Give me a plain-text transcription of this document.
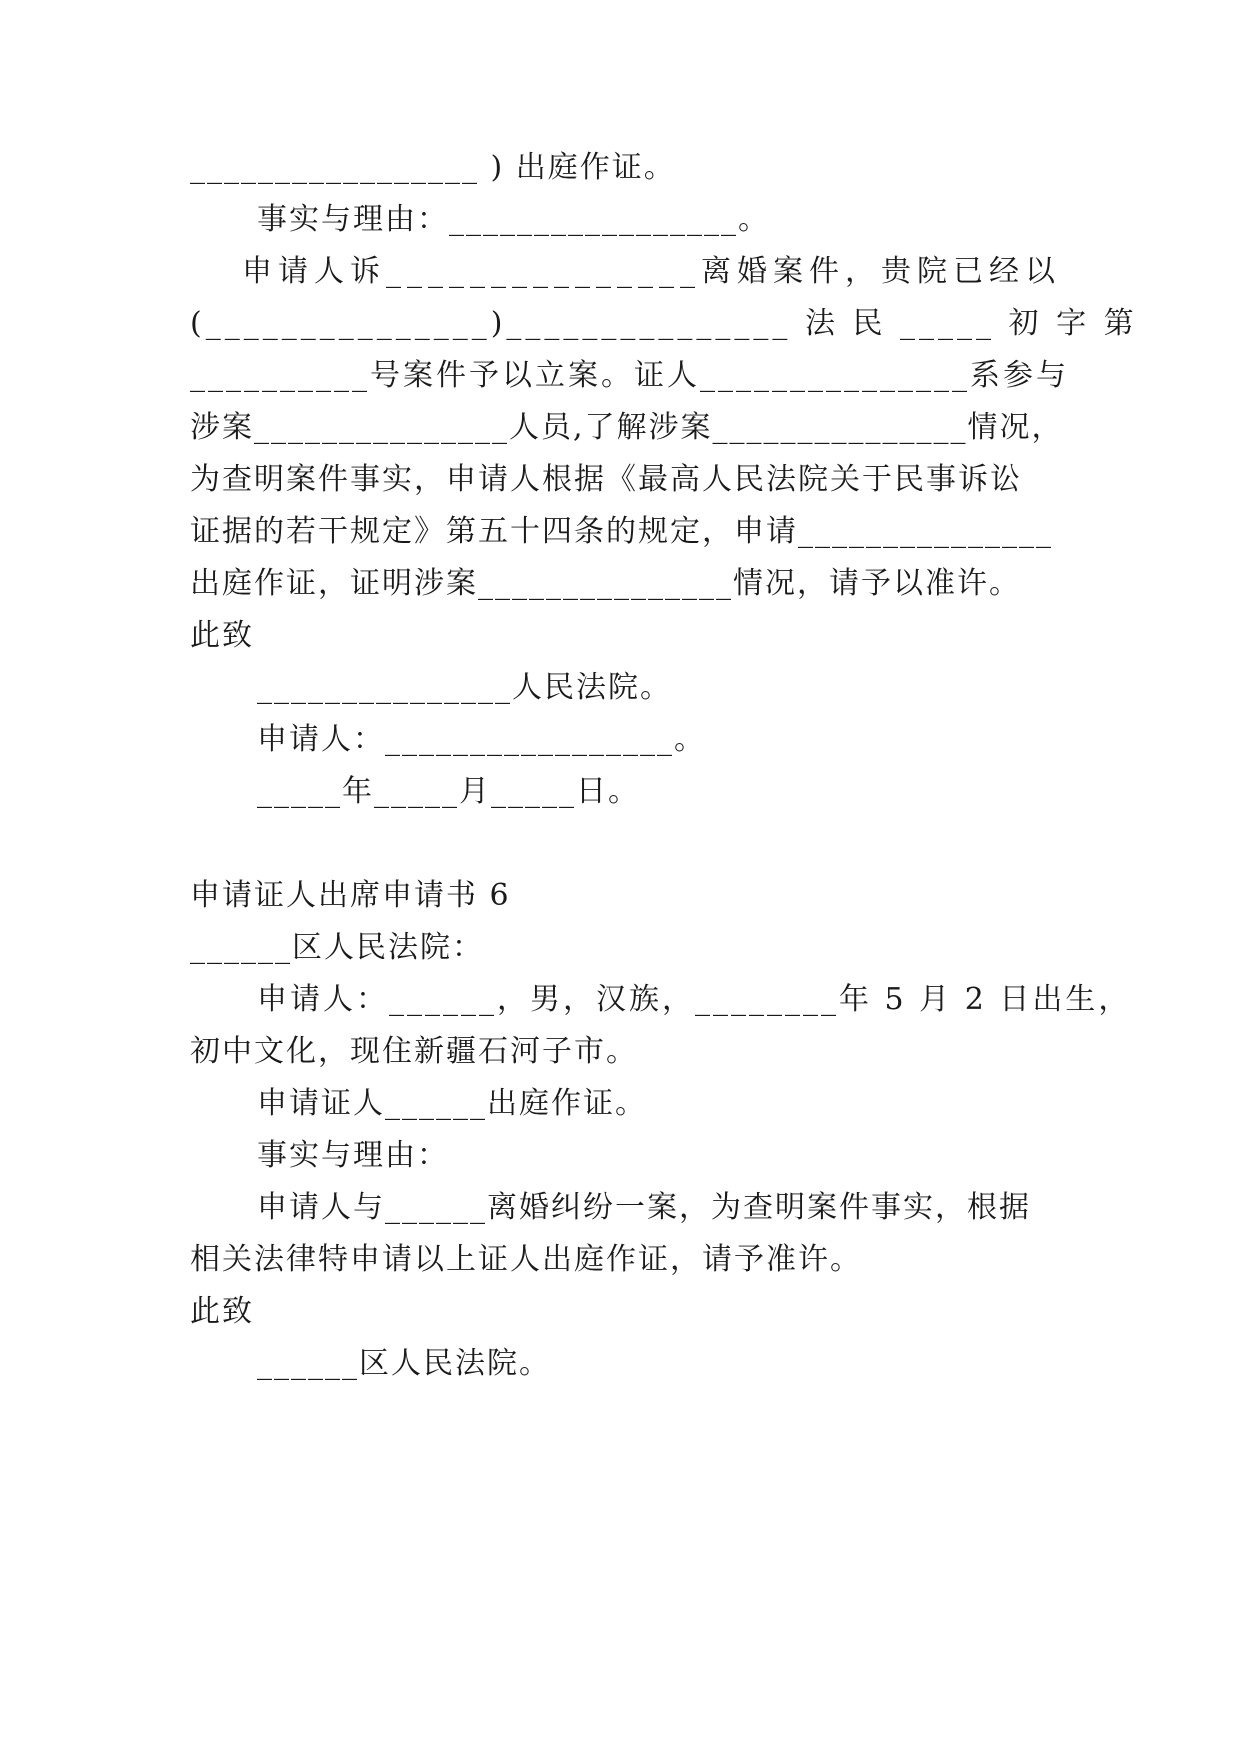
_________________ ) 出庭作证。
事实与理由：_________________。
申请人诉_______________离婚案件，贵院已经以
(_______________)_______________ 法 民 _____ 初 字 第
__________号案件予以立案。证人_______________系参与
涉案_______________人员,了解涉案_______________情况，
为查明案件事实，申请人根据《最高人民法院关于民事诉讼
证据的若干规定》第五十四条的规定，申请_______________
出庭作证，证明涉案_______________情况，请予以准许。
此致
_______________人民法院。
申请人：_________________。
_____年_____月_____日。
申请证人出席申请书 6
______区人民法院：
申请人：______，男，汉族，________年 5 月 2 日出生，
初中文化，现住新疆石河子市。
申请证人______出庭作证。
事实与理由：
申请人与______离婚纠纷一案，为查明案件事实，根据
相关法律特申请以上证人出庭作证，请予准许。
此致
______区人民法院。
